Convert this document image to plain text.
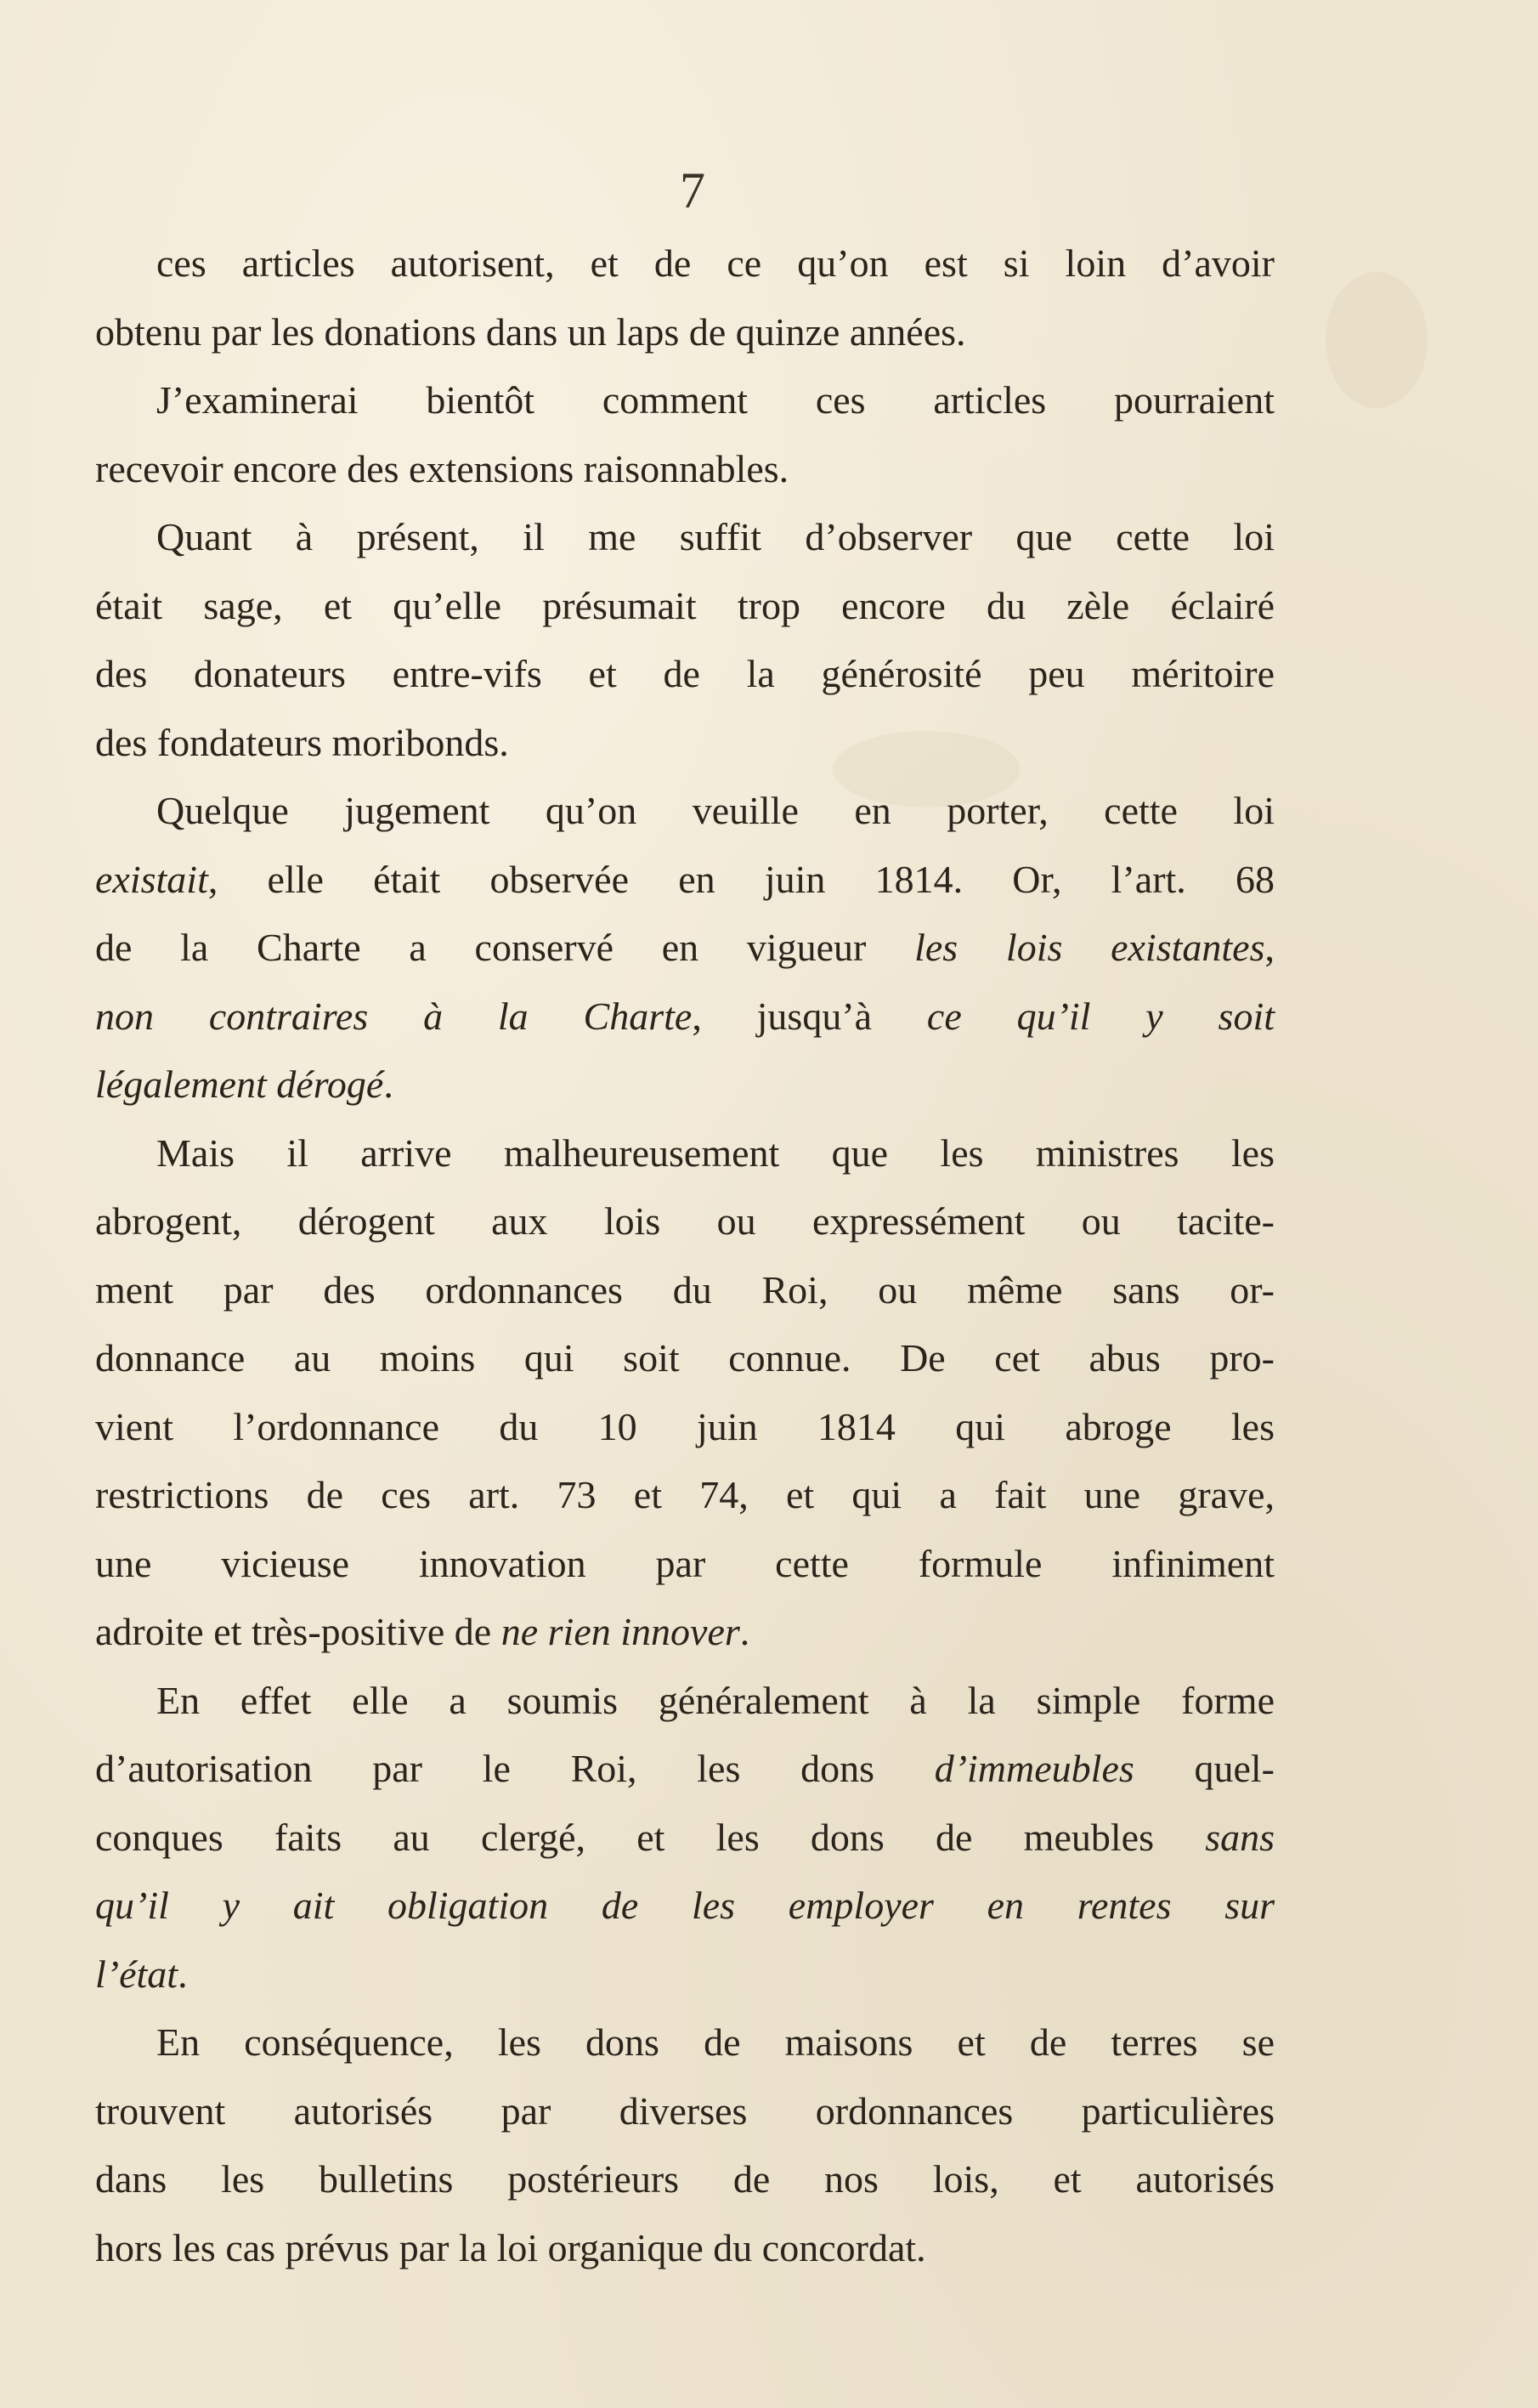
7
ces articles autorisent, et de ce qu’on est si loin d’avoir
obtenu par les donations dans un laps de quinze années.
J’examinerai bientôt comment ces articles pourraient
recevoir encore des extensions raisonnables.
Quant à présent, il me suffit d’observer que cette loi
était sage, et qu’elle présumait trop encore du zèle éclairé
des donateurs entre-vifs et de la générosité peu méritoire
des fondateurs moribonds.
Quelque jugement qu’on veuille en porter, cette loi
existait, elle était observée en juin 1814. Or, l’art. 68
de la Charte a conservé en vigueur les lois existantes,
non contraires à la Charte, jusqu’à ce qu’il y soit
légalement dérogé.
Mais il arrive malheureusement que les ministres les
abrogent, dérogent aux lois ou expressément ou tacite-
ment par des ordonnances du Roi, ou même sans or-
donnance au moins qui soit connue. De cet abus pro-
vient l’ordonnance du 10 juin 1814 qui abroge les
restrictions de ces art. 73 et 74, et qui a fait une grave,
une vicieuse innovation par cette formule infiniment
adroite et très-positive de ne rien innover.
En effet elle a soumis généralement à la simple forme
d’autorisation par le Roi, les dons d’immeubles quel-
conques faits au clergé, et les dons de meubles sans
qu’il y ait obligation de les employer en rentes sur
l’état.
En conséquence, les dons de maisons et de terres se
trouvent autorisés par diverses ordonnances particulières
dans les bulletins postérieurs de nos lois, et autorisés
hors les cas prévus par la loi organique du concordat.
